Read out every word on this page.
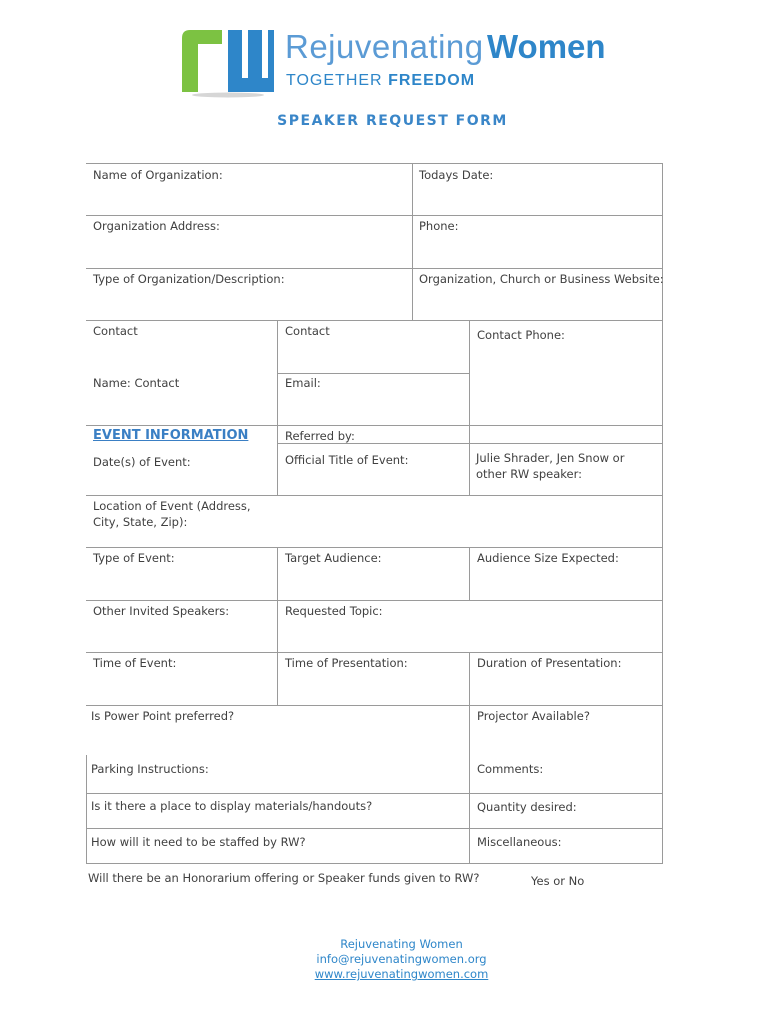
Rejuvenating Women
TOGETHER FREEDOM
SPEAKER REQUEST FORM
Name of Organization:	Todays Date:
Organization Address:	Phone:
Type of Organization/Description:	Organization, Church or Business Website:
Contact	Contact	Contact Phone:
Name: Contact	Email:
EVENT INFORMATION	Referred by:
Date(s) of Event:	Official Title of Event:	Julie Shrader, Jen Snow or
other RW speaker:
Location of Event (Address,
City, State, Zip):
Type of Event:	Target Audience:	Audience Size Expected:
Other Invited Speakers:	Requested Topic:
Time of Event:	Time of Presentation:	Duration of Presentation:
Is Power Point preferred?	Projector Available?
Parking Instructions:	Comments:
Is it there a place to display materials/handouts?	Quantity desired:
How will it need to be staffed by RW?	Miscellaneous:
Will there be an Honorarium offering or Speaker funds given to RW?	Yes or No
Rejuvenating Women
info@rejuvenatingwomen.org
www.rejuvenatingwomen.com
